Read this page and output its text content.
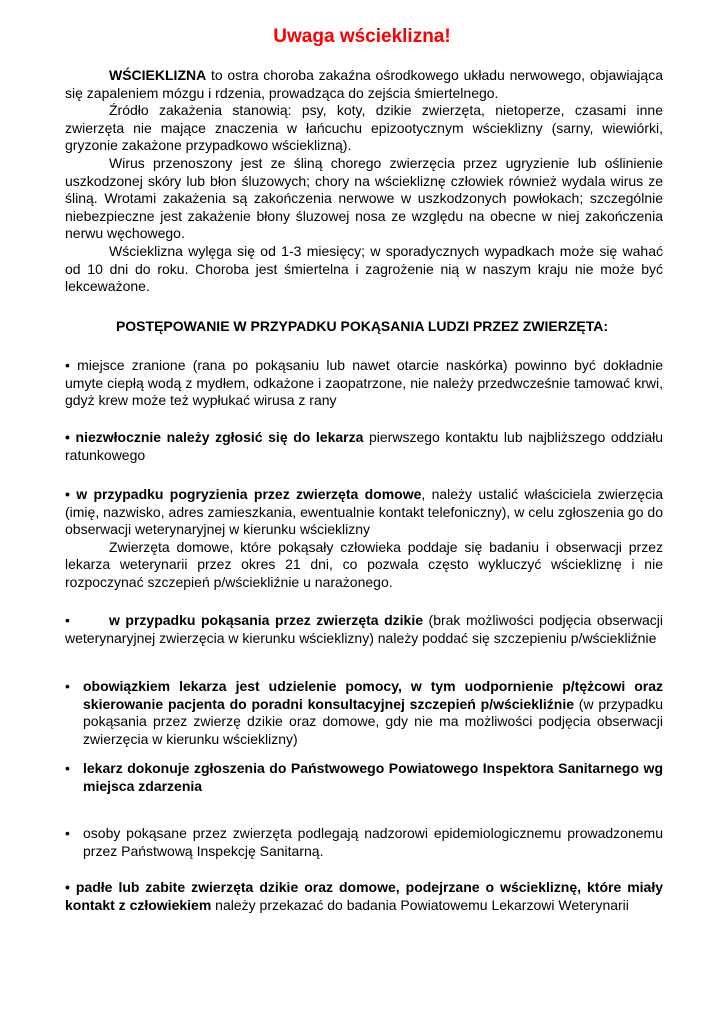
Uwaga wścieklizna!

WŚCIEKLIZNA to ostra choroba zakaźna ośrodkowego układu nerwowego, objawiająca się zapaleniem mózgu i rdzenia, prowadząca do zejścia śmiertelnego.

Źródło zakażenia stanowią: psy, koty, dzikie zwierzęta, nietoperze, czasami inne zwierzęta nie mające znaczenia w łańcuchu epizootycznym wścieklizny (sarny, wiewiórki, gryzonie zakażone przypadkowo wścieklizną).

Wirus przenoszony jest ze śliną chorego zwierzęcia przez ugryzienie lub oślinienie uszkodzonej skóry lub błon śluzowych; chory na wściekliznę człowiek również wydala wirus ze śliną. Wrotami zakażenia są zakończenia nerwowe w uszkodzonych powłokach; szczególnie niebezpieczne jest zakażenie błony śluzowej nosa ze względu na obecne w niej zakończenia nerwu węchowego.

Wścieklizna wylęga się od 1-3 miesięcy; w sporadycznych wypadkach może się wahać od 10 dni do roku. Choroba jest śmiertelna i zagrożenie nią w naszym kraju nie może być lekceważone.

POSTĘPOWANIE W PRZYPADKU POKĄSANIA LUDZI PRZEZ ZWIERZĘTA:

• miejsce zranione (rana po pokąsaniu lub nawet otarcie naskórka) powinno być dokładnie umyte ciepłą wodą z mydłem, odkażone i zaopatrzone, nie należy przedwcześnie tamować krwi, gdyż krew może też wypłukać wirusa z rany

• niezwłocznie należy zgłosić się do lekarza pierwszego kontaktu lub najbliższego oddziału ratunkowego

• w przypadku pogryzienia przez zwierzęta domowe, należy ustalić właściciela zwierzęcia (imię, nazwisko, adres zamieszkania, ewentualnie kontakt telefoniczny), w celu zgłoszenia go do obserwacji weterynaryjnej w kierunku wścieklizny

Zwierzęta domowe, które pokąsały człowieka poddaje się badaniu i obserwacji przez lekarza weterynarii przez okres 21 dni, co pozwala często wykluczyć wściekliznę i nie rozpoczynać szczepień p/wściekliźnie u narażonego.

•	w przypadku pokąsania przez zwierzęta dzikie (brak możliwości podjęcia obserwacji weterynaryjnej zwierzęcia w kierunku wścieklizny) należy poddać się szczepieniu p/wściekliźnie

• obowiązkiem lekarza jest udzielenie pomocy, w tym uodpornienie p/tężcowi oraz skierowanie pacjenta do poradni konsultacyjnej szczepień p/wściekliźnie (w przypadku pokąsania przez zwierzę dzikie oraz domowe, gdy nie ma możliwości podjęcia obserwacji zwierzęcia w kierunku wścieklizny)

• lekarz dokonuje zgłoszenia do Państwowego Powiatowego Inspektora Sanitarnego wg miejsca zdarzenia

• osoby pokąsane przez zwierzęta podlegają nadzorowi epidemiologicznemu prowadzonemu przez Państwową Inspekcję Sanitarną.

• padłe lub zabite zwierzęta dzikie oraz domowe, podejrzane o wściekliznę, które miały kontakt z człowiekiem należy przekazać do badania Powiatowemu Lekarzowi Weterynarii
